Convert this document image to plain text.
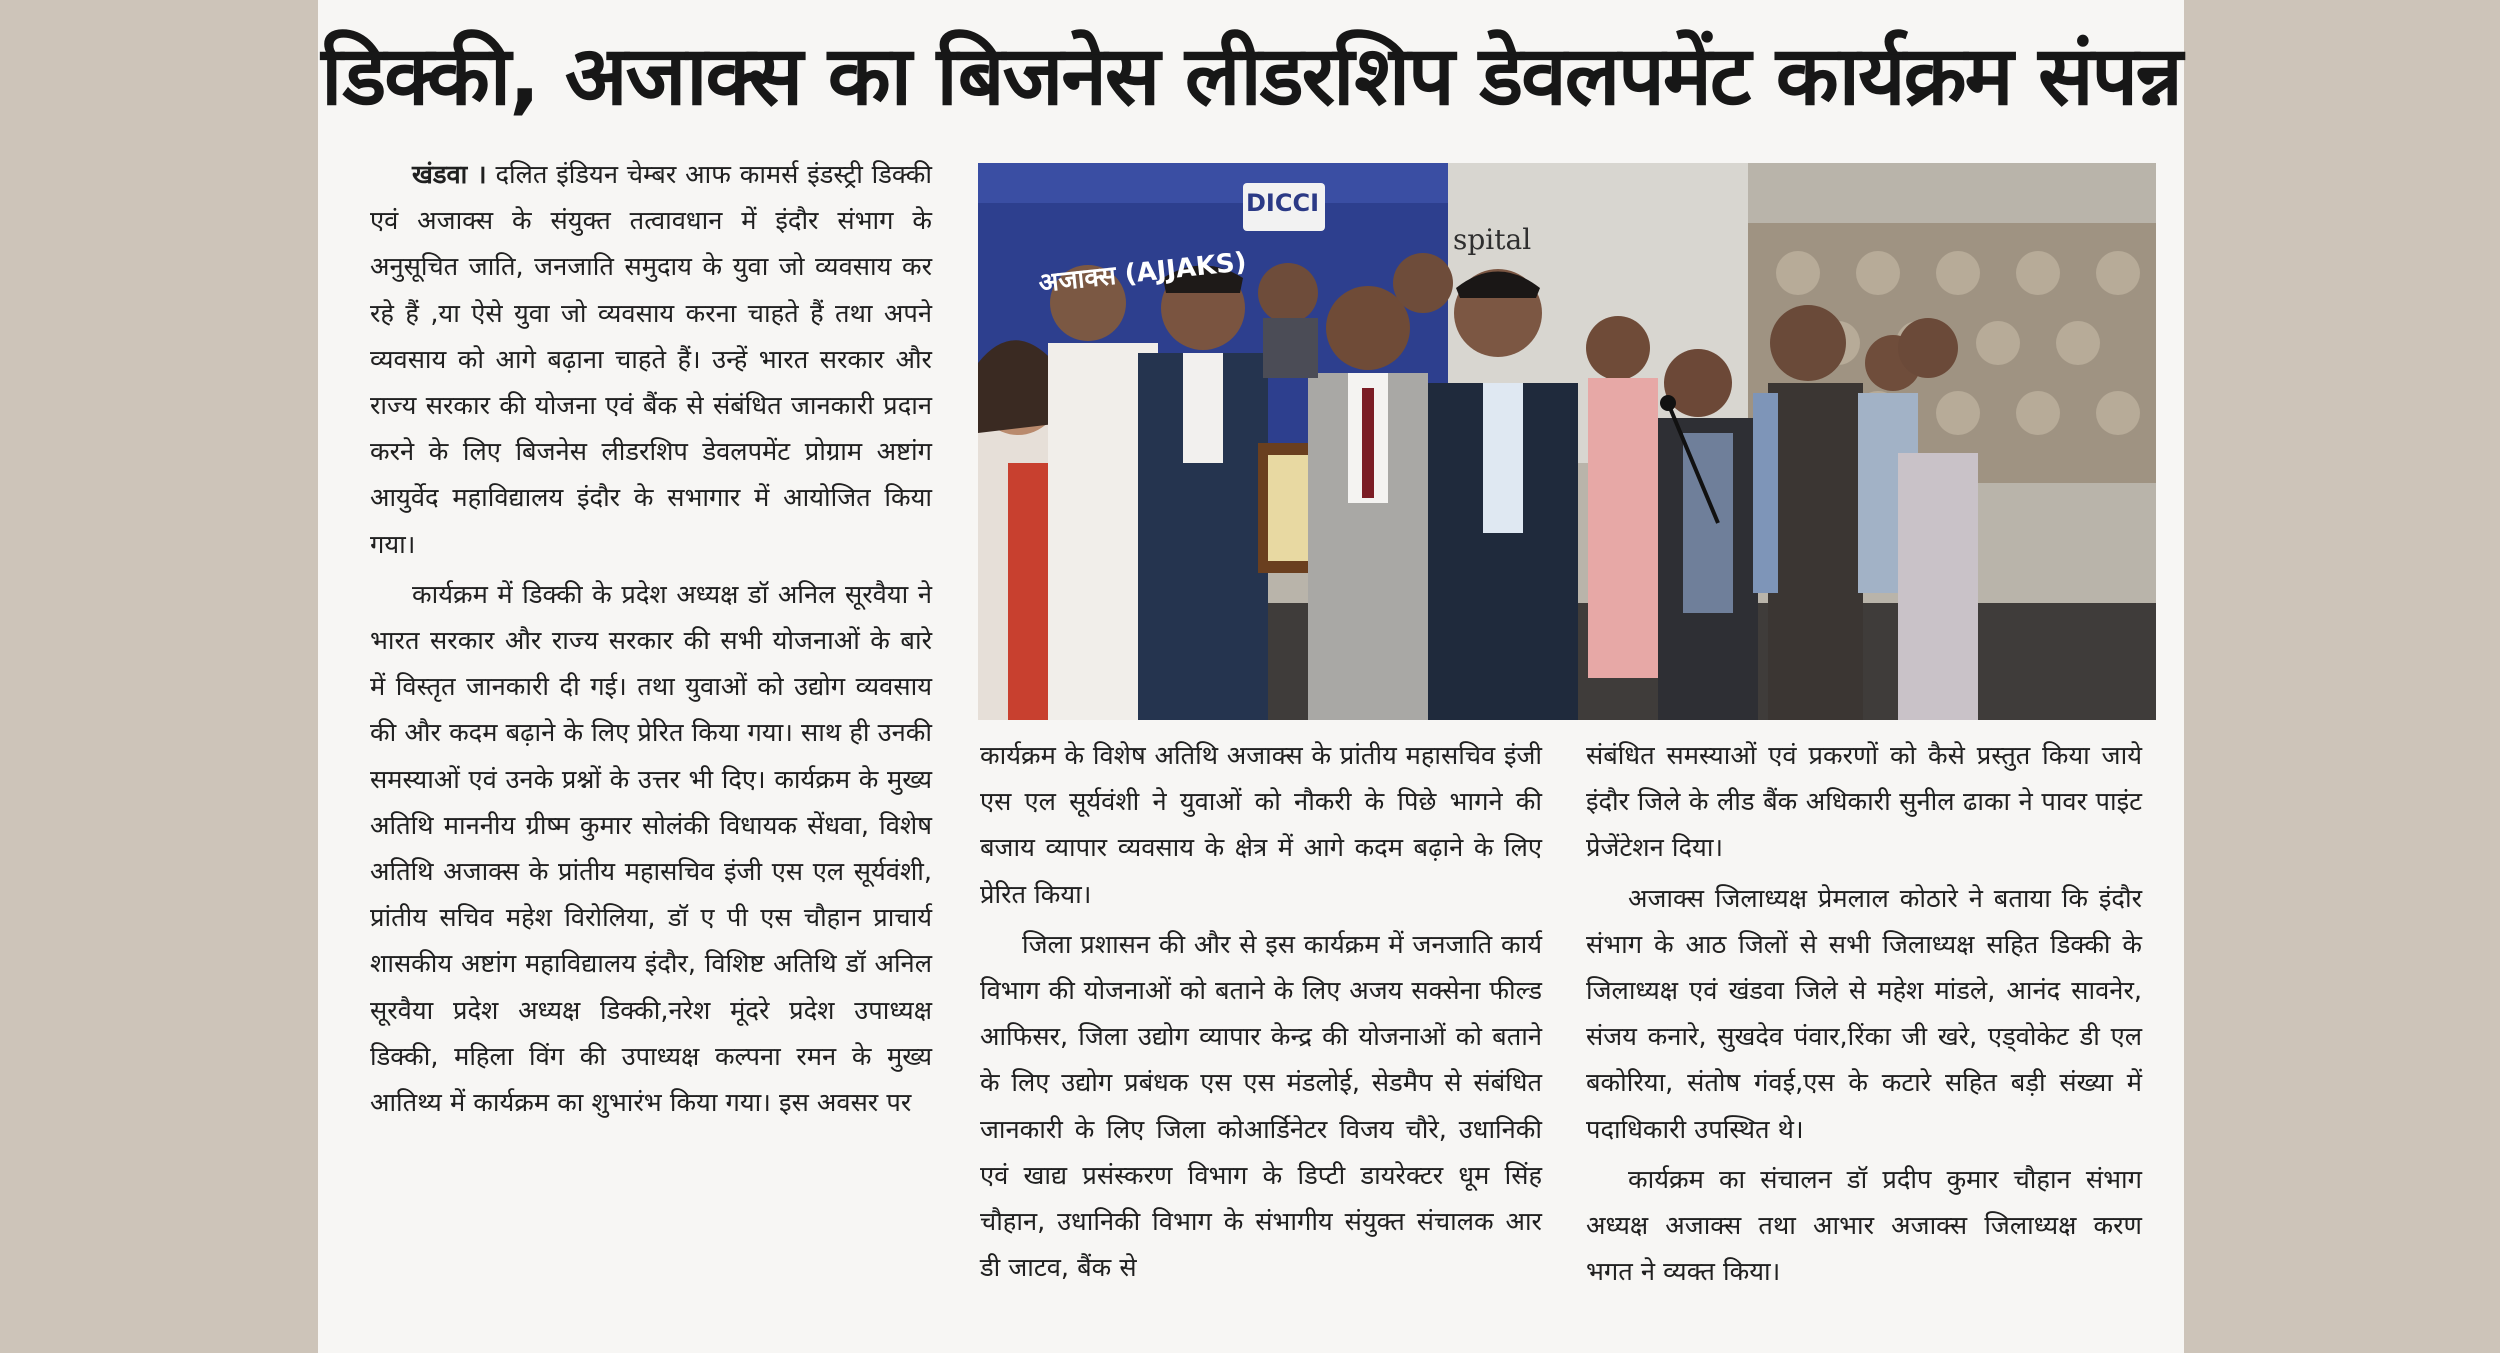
डिक्की, अजाक्स का बिजनेस लीडरशिप डेवलपमेंट कार्यक्रम संपन्न

खंडवा । दलित इंडियन चेम्बर आफ कामर्स इंडस्ट्री डिक्की एवं अजाक्स के संयुक्त तत्वावधान में इंदौर संभाग के अनुसूचित जाति, जनजाति समुदाय के युवा जो व्यवसाय कर रहे हैं ,या ऐसे युवा जो व्यवसाय करना चाहते हैं तथा अपने व्यवसाय को आगे बढ़ाना चाहते हैं। उन्हें भारत सरकार और राज्य सरकार की योजना एवं बैंक से संबंधित जानकारी प्रदान करने के लिए बिजनेस लीडरशिप डेवलपमेंट प्रोग्राम अष्टांग आयुर्वेद महाविद्यालय इंदौर के सभागार में आयोजित किया गया।

कार्यक्रम में डिक्की के प्रदेश अध्यक्ष डॉ अनिल सूरवैया ने भारत सरकार और राज्य सरकार की सभी योजनाओं के बारे में विस्तृत जानकारी दी गई। तथा युवाओं को उद्योग व्यवसाय की और कदम बढ़ाने के लिए प्रेरित किया गया। साथ ही उनकी समस्याओं एवं उनके प्रश्नों के उत्तर भी दिए। कार्यक्रम के मुख्य अतिथि माननीय ग्रीष्म कुमार सोलंकी विधायक सेंधवा, विशेष अतिथि अजाक्स के प्रांतीय महासचिव इंजी एस एल सूर्यवंशी, प्रांतीय सचिव महेश विरोलिया, डॉ ए पी एस चौहान प्राचार्य शासकीय अष्टांग महाविद्यालय इंदौर, विशिष्ट अतिथि डॉ अनिल सूरवैया प्रदेश अध्यक्ष डिक्की,नरेश मूंदरे प्रदेश उपाध्यक्ष डिक्की, महिला विंग की उपाध्यक्ष कल्पना रमन के मुख्य आतिथ्य में कार्यक्रम का शुभारंभ किया गया। इस अवसर पर

DICCI
अजाक्स (AJJAKS)
spital

कार्यक्रम के विशेष अतिथि अजाक्स के प्रांतीय महासचिव इंजी एस एल सूर्यवंशी ने युवाओं को नौकरी के पिछे भागने की बजाय व्यापार व्यवसाय के क्षेत्र में आगे कदम बढ़ाने के लिए प्रेरित किया।

जिला प्रशासन की और से इस कार्यक्रम में जनजाति कार्य विभाग की योजनाओं को बताने के लिए अजय सक्सेना फील्ड आफिसर, जिला उद्योग व्यापार केन्द्र की योजनाओं को बताने के लिए उद्योग प्रबंधक एस एस मंडलोई, सेडमैप से संबंधित जानकारी के लिए जिला कोआर्डिनेटर विजय चौरे, उधानिकी एवं खाद्य प्रसंस्करण विभाग के डिप्टी डायरेक्टर धूम सिंह चौहान, उधानिकी विभाग के संभागीय संयुक्त संचालक आर डी जाटव, बैंक से

संबंधित समस्याओं एवं प्रकरणों को कैसे प्रस्तुत किया जाये इंदौर जिले के लीड बैंक अधिकारी सुनील ढाका ने पावर पाइंट प्रेजेंटेशन दिया।

अजाक्स जिलाध्यक्ष प्रेमलाल कोठारे ने बताया कि इंदौर संभाग के आठ जिलों से सभी जिलाध्यक्ष सहित डिक्की के जिलाध्यक्ष एवं खंडवा जिले से महेश मांडले, आनंद सावनेर, संजय कनारे, सुखदेव पंवार,रिंका जी खरे, एड्वोकेट डी एल बकोरिया, संतोष गंवई,एस के कटारे सहित बड़ी संख्या में पदाधिकारी उपस्थित थे।

कार्यक्रम का संचालन डॉ प्रदीप कुमार चौहान संभाग अध्यक्ष अजाक्स तथा आभार अजाक्स जिलाध्यक्ष करण भगत ने व्यक्त किया।
